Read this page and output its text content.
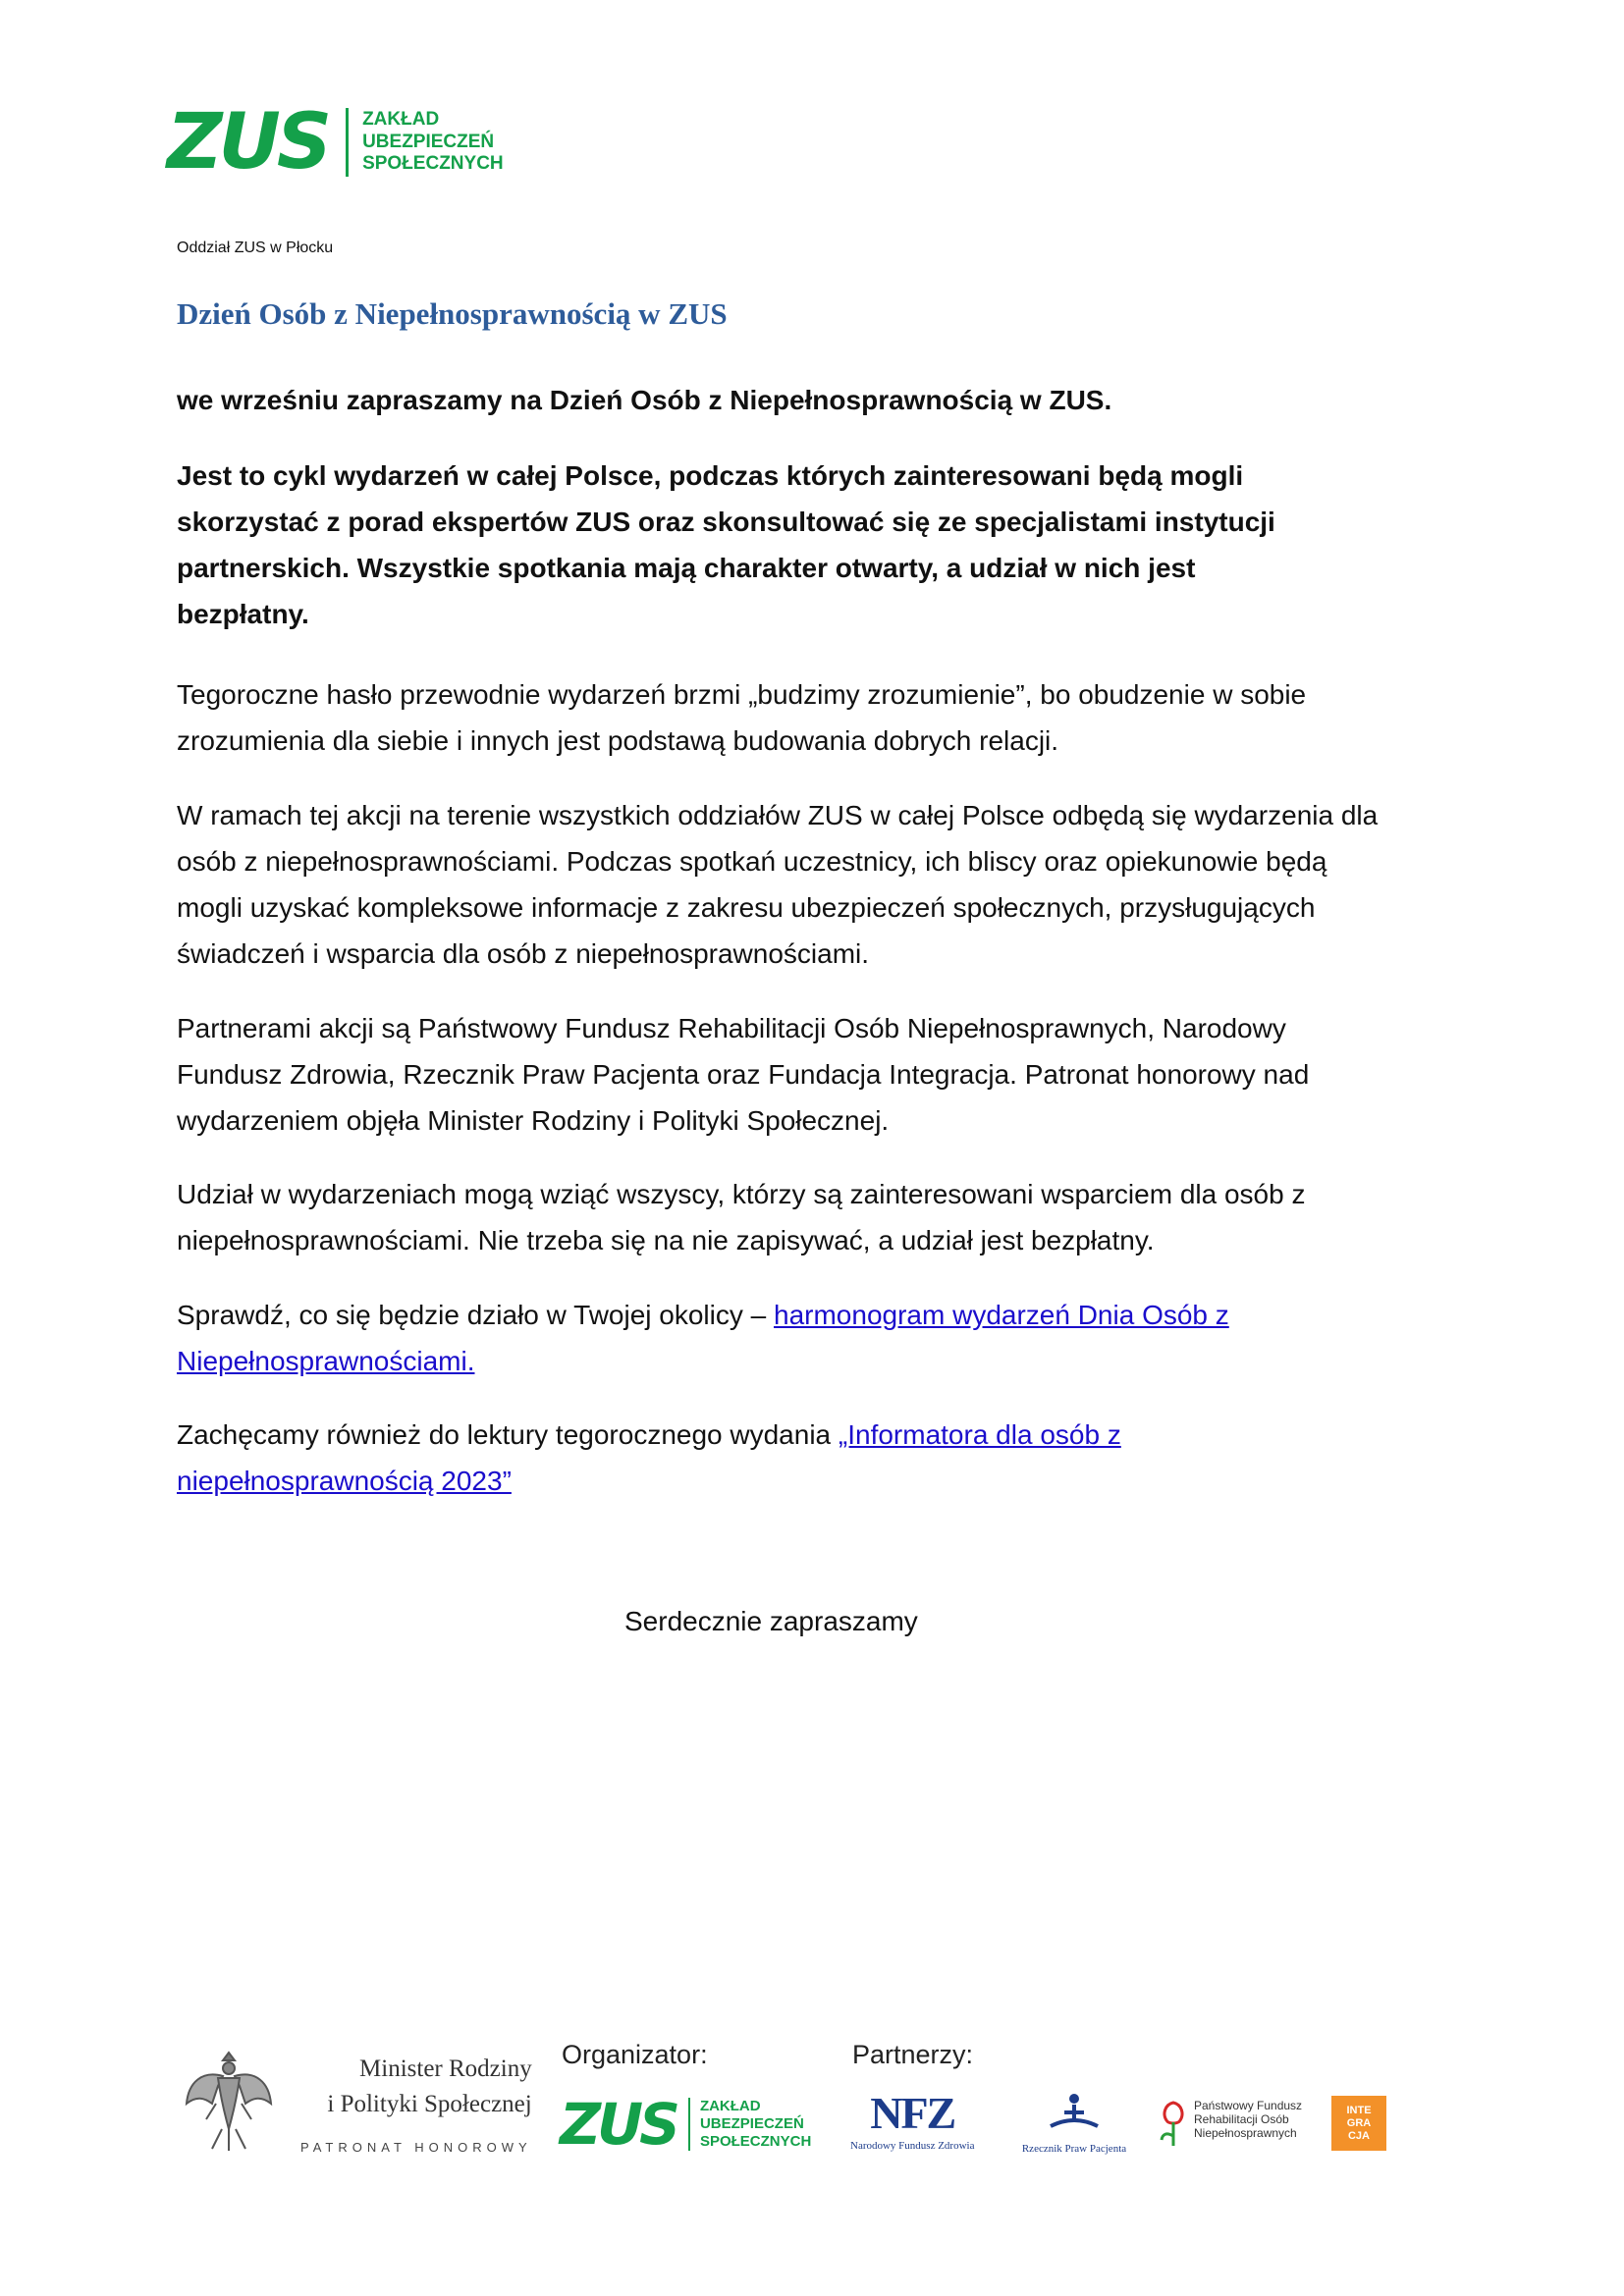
ZUS ZAKŁAD
UBEZPIECZEŃ
SPOŁECZNYCH
Oddział ZUS w Płocku
Dzień Osób z Niepełnosprawnością w ZUS
we wrześniu zapraszamy na Dzień Osób z Niepełnosprawnością w ZUS.
Jest to cykl wydarzeń w całej Polsce, podczas których zainteresowani będą mogli skorzystać z porad ekspertów ZUS oraz skonsultować się ze specjalistami instytucji partnerskich. Wszystkie spotkania mają charakter otwarty, a udział w nich jest bezpłatny.
Tegoroczne hasło przewodnie wydarzeń brzmi „budzimy zrozumienie”, bo obudzenie w sobie zrozumienia dla siebie i innych jest podstawą budowania dobrych relacji.
W ramach tej akcji na terenie wszystkich oddziałów ZUS w całej Polsce odbędą się wydarzenia dla osób z niepełnosprawnościami. Podczas spotkań uczestnicy, ich bliscy oraz opiekunowie będą mogli uzyskać kompleksowe informacje z zakresu ubezpieczeń społecznych, przysługujących świadczeń i wsparcia dla osób z niepełnosprawnościami.
Partnerami akcji są Państwowy Fundusz Rehabilitacji Osób Niepełnosprawnych, Narodowy Fundusz Zdrowia, Rzecznik Praw Pacjenta oraz Fundacja Integracja. Patronat honorowy nad wydarzeniem objęła Minister Rodziny i Polityki Społecznej.
Udział w wydarzeniach mogą wziąć wszyscy, którzy są zainteresowani wsparciem dla osób z niepełnosprawnościami. Nie trzeba się na nie zapisywać, a udział jest bezpłatny.
Sprawdź, co się będzie działo w Twojej okolicy – harmonogram wydarzeń Dnia Osób z Niepełnosprawnościami.
Zachęcamy również do lektury tegorocznego wydania „Informatora dla osób z niepełnosprawnością 2023”
Serdecznie zapraszamy
Minister Rodziny
i Polityki Społecznej
PATRONAT HONOROWY
Organizator:
ZUS ZAKŁAD
UBEZPIECZEŃ
SPOŁECZNYCH
Partnerzy:
NFZ
Narodowy Fundusz Zdrowia	Rzecznik Praw Pacjenta
Państwowy Fundusz
Rehabilitacji Osób
Niepełnosprawnych
INTE
GRA
CJA
